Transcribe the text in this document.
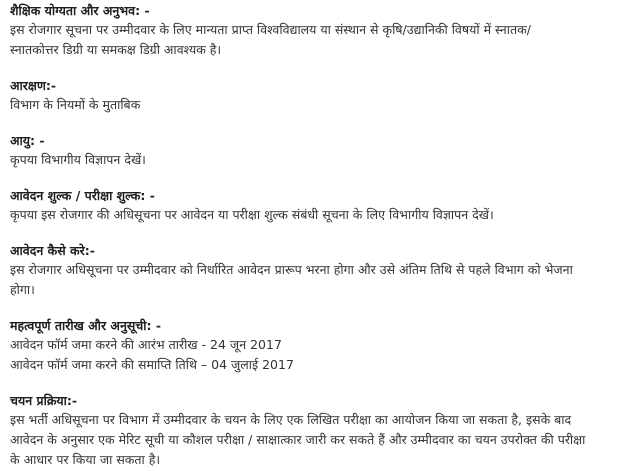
शैक्षिक योग्यता और अनुभव: -
इस रोजगार सूचना पर उम्मीदवार के लिए मान्यता प्राप्त विश्वविद्यालय या संस्थान से कृषि/उद्यानिकी विषयों में स्नातक/
स्नातकोत्तर डिग्री या समकक्ष डिग्री आवश्यक है।
आरक्षण:-
विभाग के नियमों के मुताबिक
आयु: -
कृपया विभागीय विज्ञापन देखें।
आवेदन शुल्क / परीक्षा शुल्क: -
कृपया इस रोजगार की अधिसूचना पर आवेदन या परीक्षा शुल्क संबंधी सूचना के लिए विभागीय विज्ञापन देखें।
आवेदन कैसे करे:-
इस रोजगार अधिसूचना पर उम्मीदवार को निर्धारित आवेदन प्रारूप भरना होगा और उसे अंतिम तिथि से पहले विभाग को भेजना
होगा।
महत्वपूर्ण तारीख और अनुसूची: -
आवेदन फॉर्म जमा करने की आरंभ तारीख - 24 जून 2017
आवेदन फॉर्म जमा करने की समाप्ति तिथि – 04 जुलाई 2017
चयन प्रक्रिया:-
इस भर्ती अधिसूचना पर विभाग में उम्मीदवार के चयन के लिए एक लिखित परीक्षा का आयोजन किया जा सकता है, इसके बाद
आवेदन के अनुसार एक मेरिट सूची या कौशल परीक्षा / साक्षात्कार जारी कर सकते हैं और उम्मीदवार का चयन उपरोक्त की परीक्षा
के आधार पर किया जा सकता है।
